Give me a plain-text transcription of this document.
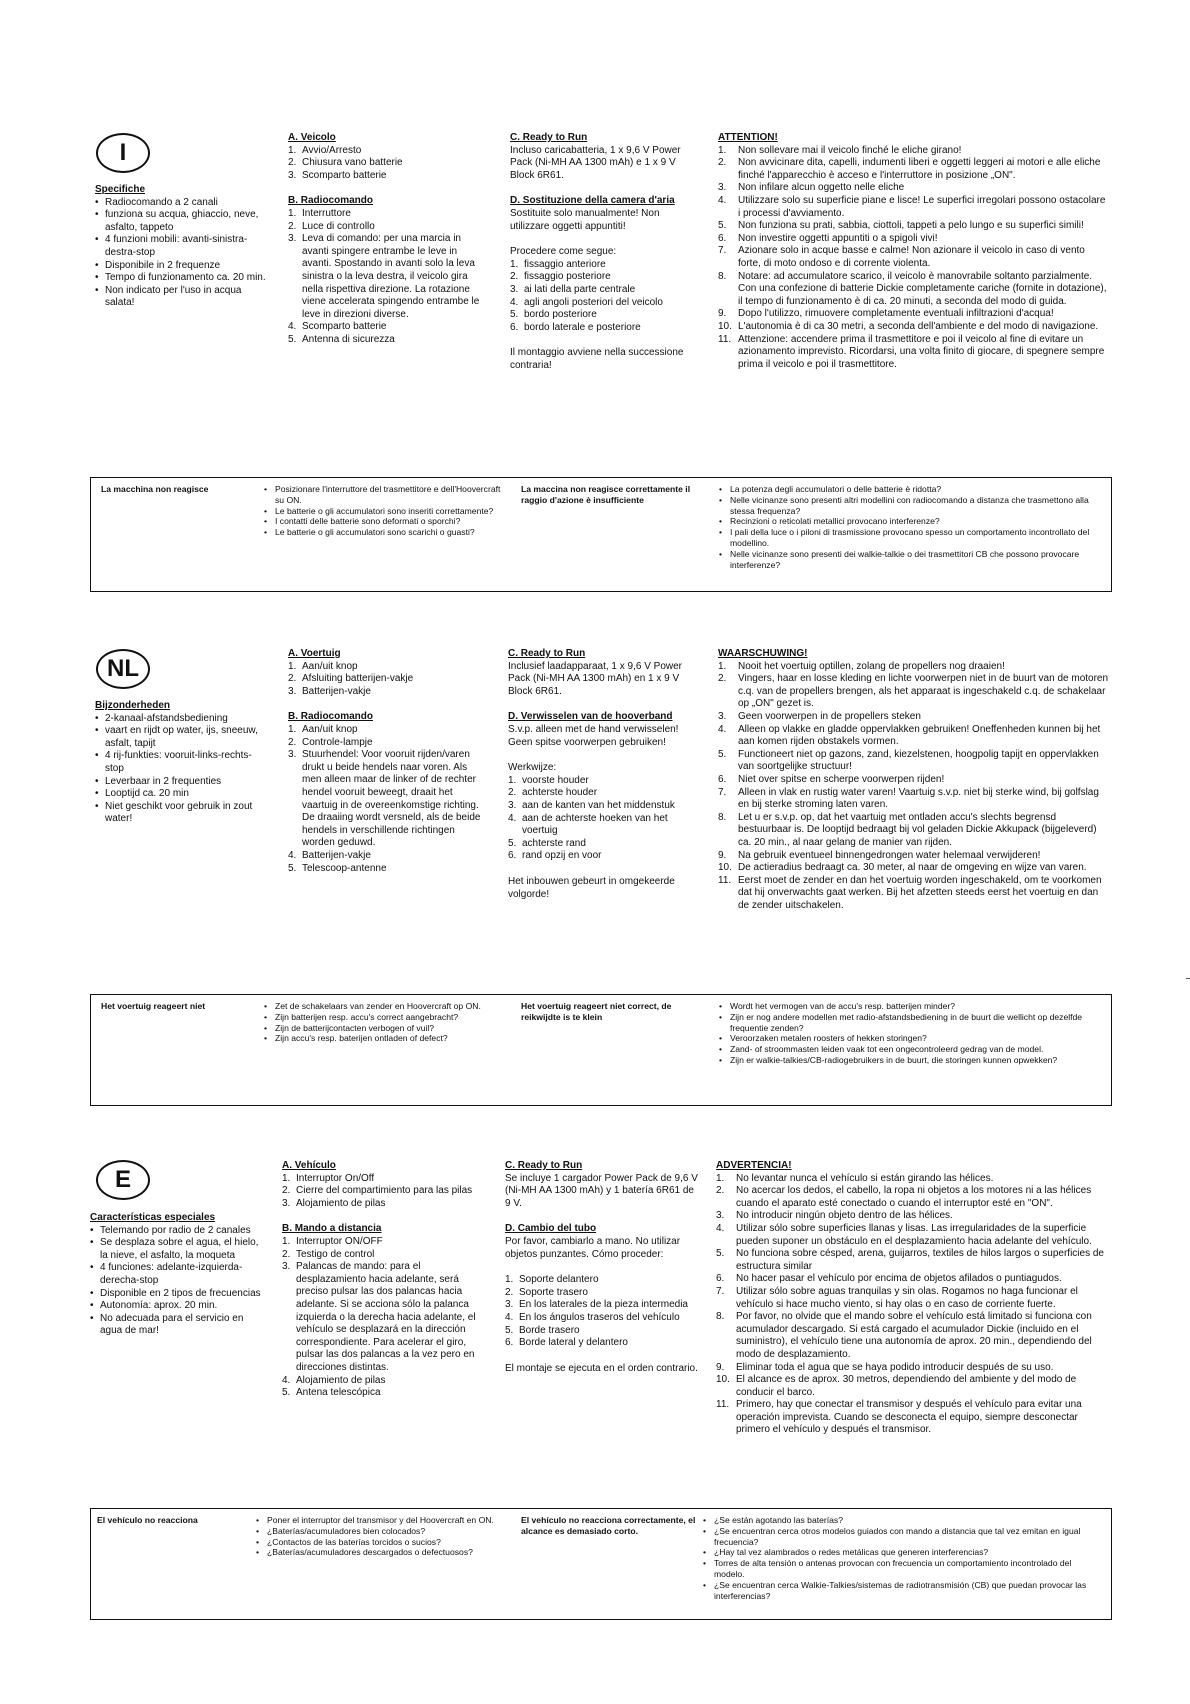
I
Specifiche
• Radiocomando a 2 canali
• funziona su acqua, ghiaccio, neve, asfalto, tappeto
• 4 funzioni mobili: avanti-sinistra-destra-stop
• Disponibile in 2 frequenze
• Tempo di funzionamento ca. 20 min.
• Non indicato per l'uso in acqua salata!
A. Veicolo
1. Avvio/Arresto
2. Chiusura vano batterie
3. Scomparto batterie
B. Radiocomando
1. Interruttore
2. Luce di controllo
3. Leva di comando: per una marcia in avanti spingere entrambe le leve in avanti. Spostando in avanti solo la leva sinistra o la leva destra, il veicolo gira nella rispettiva direzione. La rotazione viene accelerata spingendo entrambe le leve in direzioni diverse.
4. Scomparto batterie
5. Antenna di sicurezza
C. Ready to Run

Incluso caricabatteria, 1 x 9,6 V Power Pack (Ni-MH AA 1300 mAh) e 1 x 9 V Block 6R61.

D. Sostituzione della camera d'aria

Sostituite solo manualmente! Non utilizzare oggetti appuntiti!

Procedere come segue:

1. fissaggio anteriore
2. fissaggio posteriore
3. ai lati della parte centrale
4. agli angoli posteriori del veicolo
5. bordo posteriore
6. bordo laterale e posteriore

Il montaggio avviene nella successione contraria!

ATTENTION!
1. Non sollevare mai il veicolo finché le eliche girano!
2. Non avvicinare dita, capelli, indumenti liberi e oggetti leggeri ai motori e alle eliche finché l'apparecchio è acceso e l'interruttore in posizione „ON".
3. Non infilare alcun oggetto nelle eliche
4. Utilizzare solo su superficie piane e lisce! Le superfici irregolari possono ostacolare i processi d'avviamento.
5. Non funziona su prati, sabbia, ciottoli, tappeti a pelo lungo e su superfici simili!
6. Non investire oggetti appuntiti o a spigoli vivi!
7. Azionare solo in acque basse e calme! Non azionare il veicolo in caso di vento forte, di moto ondoso e di corrente violenta.
8. Notare: ad accumulatore scarico, il veicolo è manovrabile soltanto parzialmente. Con una confezione di batterie Dickie completamente cariche (fornite in dotazione), il tempo di funzionamento è di ca. 20 minuti, a seconda del modo di guida.
9. Dopo l'utilizzo, rimuovere completamente eventuali infiltrazioni d'acqua!
10. L'autonomia è di ca 30 metri, a seconda dell'ambiente e del modo di navigazione.
11. Attenzione: accendere prima il trasmettitore e poi il veicolo al fine di evitare un azionamento imprevisto. Ricordarsi, una volta finito di giocare, di spegnere sempre prima il veicolo e poi il trasmettitore.
La macchina non reagisce	• Posizionare l'interruttore del trasmettitore e dell'Hoovercraft su ON.
• Le batterie o gli accumulatori sono inseriti correttamente?
• I contatti delle batterie sono deformati o sporchi?
• Le batterie o gli accumulatori sono scarichi o guasti?
La maccina non reagisce correttamente il raggio d'azione è insufficiente
• La potenza degli accumulatori o delle batterie è ridotta?
• Nelle vicinanze sono presenti altri modellini con radiocomando a distanza che trasmettono alla stessa frequenza?
• Recinzioni o reticolati metallici provocano interferenze?
• I pali della luce o i piloni di trasmissione provocano spesso un comportamento incontrollato del modellino.
• Nelle vicinanze sono presenti dei walkie-talkie o dei trasmettitori CB che possono provocare interferenze?
NL
Bijzonderheden
• 2-kanaal-afstandsbediening
• vaart en rijdt op water, ijs, sneeuw, asfalt, tapijt
• 4 rij-funkties: vooruit-links-rechts-stop
• Leverbaar in 2 frequenties
• Looptijd ca. 20 min
• Niet geschikt voor gebruik in zout water!
A. Voertuig
1. Aan/uit knop
2. Afsluiting batterijen-vakje
3. Batterijen-vakje
B. Radiocomando
1. Aan/uit knop
2. Controle-lampje
3. Stuurhendel: Voor vooruit rijden/varen drukt u beide hendels naar voren. Als men alleen maar de linker of de rechter hendel vooruit beweegt, draait het vaartuig in de overeenkomstige richting. De draaiing wordt versneld, als de beide hendels in verschillende richtingen worden geduwd.
4. Batterijen-vakje
5. Telescoop-antenne
C. Ready to Run

Inclusief laadapparaat, 1 x 9,6 V Power Pack (Ni-MH AA 1300 mAh) en 1 x 9 V Block 6R61.

D. Verwisselen van de hooverband

S.v.p. alleen met de hand verwisselen! Geen spitse voorwerpen gebruiken!

Werkwijze:

1. voorste houder
2. achterste houder
3. aan de kanten van het middenstuk
4. aan de achterste hoeken van het voertuig
5. achterste rand
6. rand opzij en voor

Het inbouwen gebeurt in omgekeerde volgorde!

WAARSCHUWING!
1. Nooit het voertuig optillen, zolang de propellers nog draaien!
2. Vingers, haar en losse kleding en lichte voorwerpen niet in de buurt van de motoren c.q. van de propellers brengen, als het apparaat is ingeschakeld c.q. de schakelaar op „ON" gezet is.
3. Geen voorwerpen in de propellers steken
4. Alleen op vlakke en gladde oppervlakken gebruiken! Oneffenheden kunnen bij het aan komen rijden obstakels vormen.
5. Functioneert niet op gazons, zand, kiezelstenen, hoogpolig tapijt en oppervlakken van soortgelijke structuur!
6. Niet over spitse en scherpe voorwerpen rijden!
7. Alleen in vlak en rustig water varen! Vaartuig s.v.p. niet bij sterke wind, bij golfslag en bij sterke stroming laten varen.
8. Let u er s.v.p. op, dat het vaartuig met ontladen accu's slechts begrensd bestuurbaar is. De looptijd bedraagt bij vol geladen Dickie Akkupack (bijgeleverd) ca. 20 min., al naar gelang de manier van rijden.
9. Na gebruik eventueel binnengedrongen water helemaal verwijderen!
10. De actieradius bedraagt ca. 30 meter, al naar de omgeving en wijze van varen.
11. Eerst moet de zender en dan het voertuig worden ingeschakeld, om te voorkomen dat hij onverwachts gaat werken. Bij het afzetten steeds eerst het voertuig en dan de zender uitschakelen.
Het voertuig reageert niet	• Zet de schakelaars van zender en Hoovercraft op ON.
• Zijn batterijen resp. accu's correct aangebracht?
• Zijn de batterijcontacten verbogen of vuil?
• Zijn accu's resp. baterijen ontladen of defect?
Het voertuig reageert niet correct, de reikwijdte is te klein
• Wordt het vermogen van de accu's resp. batterijen minder?
• Zijn er nog andere modellen met radio-afstandsbediening in de buurt die wellicht op dezelfde frequentie zenden?
• Veroorzaken metalen roosters of hekken storingen?
• Zand- of stroommasten leiden vaak tot een ongecontroleerd gedrag van de model.
• Zijn er walkie-talkies/CB-radiogebruikers in de buurt, die storingen kunnen opwekken?
E
Características especiales
• Telemando por radio de 2 canales
• Se desplaza sobre el agua, el hielo, la nieve, el asfalto, la moqueta
• 4 funciones: adelante-izquierda-derecha-stop
• Disponible en 2 tipos de frecuencias
• Autonomía: aprox. 20 min.
• No adecuada para el servicio en agua de mar!
A. Vehículo
1. Interruptor On/Off
2. Cierre del compartimiento para las pilas
3. Alojamiento de pilas
B. Mando a distancia
1. Interruptor ON/OFF
2. Testigo de control
3. Palancas de mando: para el desplazamiento hacia adelante, será preciso pulsar las dos palancas hacia adelante. Si se acciona sólo la palanca izquierda o la derecha hacia adelante, el vehículo se desplazará en la dirección correspondiente. Para acelerar el giro, pulsar las dos palancas a la vez pero en direcciones distintas.
4. Alojamiento de pilas
5. Antena telescópica
C. Ready to Run

Se incluye 1 cargador Power Pack de 9,6 V (Ni-MH AA 1300 mAh) y 1 batería 6R61 de 9 V.

D. Cambio del tubo

Por favor, cambiarlo a mano. No utilizar objetos punzantes. Cómo proceder:

1. Soporte delantero
2. Soporte trasero
3. En los laterales de la pieza intermedia
4. En los ángulos traseros del vehículo
5. Borde trasero
6. Borde lateral y delantero

El montaje se ejecuta en el orden contrario.

ADVERTENCIA!
1. No levantar nunca el vehículo si están girando las hélices.
2. No acercar los dedos, el cabello, la ropa ni objetos a los motores ni a las hélices cuando el aparato esté conectado o cuando el interruptor esté en "ON".
3. No introducir ningún objeto dentro de las hélices.
4. Utilizar sólo sobre superficies llanas y lisas. Las irregularidades de la superficie pueden suponer un obstáculo en el desplazamiento hacia adelante del vehículo.
5. No funciona sobre césped, arena, guijarros, textiles de hilos largos o superficies de estructura similar
6. No hacer pasar el vehículo por encima de objetos afilados o puntiagudos.
7. Utilizar sólo sobre aguas tranquilas y sin olas. Rogamos no haga funcionar el vehículo si hace mucho viento, si hay olas o en caso de corriente fuerte.
8. Por favor, no olvide que el mando sobre el vehículo está limitado si funciona con acumulador descargado. Si está cargado el acumulador Dickie (incluido en el suministro), el vehículo tiene una autonomía de aprox. 20 min., dependiendo del modo de desplazamiento.
9. Eliminar toda el agua que se haya podido introducir después de su uso.
10. El alcance es de aprox. 30 metros, dependiendo del ambiente y del modo de conducir el barco.
11. Primero, hay que conectar el transmisor y después el vehículo para evitar una operación imprevista. Cuando se desconecta el equipo, siempre desconectar primero el vehículo y después el transmisor.
El vehículo no reacciona	• Poner el interruptor del transmisor y del Hoovercraft en ON.
• ¿Baterías/acumuladores bien colocados?
• ¿Contactos de las baterías torcidos o sucios?
• ¿Baterías/acumuladores descargados o defectuosos?
El vehículo no reacciona correctamente, el alcance es demasiado corto.
• ¿Se están agotando las baterías?
• ¿Se encuentran cerca otros modelos guiados con mando a distancia que tal vez emitan en igual frecuencia?
• ¿Hay tal vez alambrados o redes metálicas que generen interferencias?
• Torres de alta tensión o antenas provocan con frecuencia un comportamiento incontrolado del modelo.
• ¿Se encuentran cerca Walkie-Talkies/sistemas de radiotransmisión (CB) que puedan provocar las interferencias?
